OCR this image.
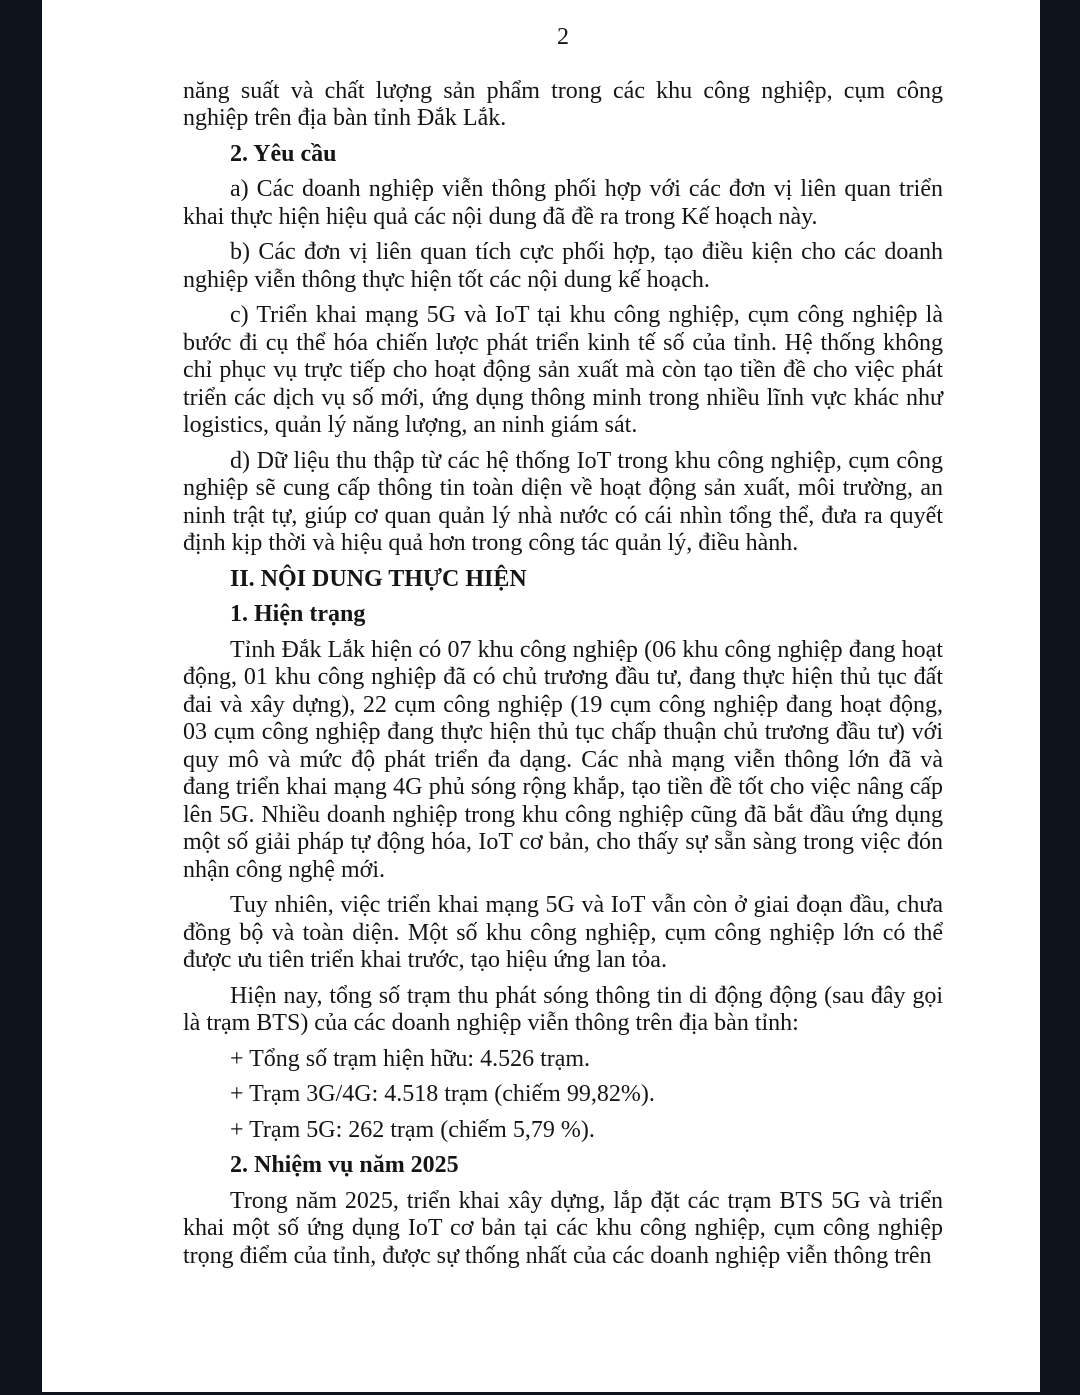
2

năng suất và chất lượng sản phẩm trong các khu công nghiệp, cụm công nghiệp trên địa bàn tỉnh Đắk Lắk.

2. Yêu cầu

a) Các doanh nghiệp viễn thông phối hợp với các đơn vị liên quan triển khai thực hiện hiệu quả các nội dung đã đề ra trong Kế hoạch này.

b) Các đơn vị liên quan tích cực phối hợp, tạo điều kiện cho các doanh nghiệp viễn thông thực hiện tốt các nội dung kế hoạch.

c) Triển khai mạng 5G và IoT tại khu công nghiệp, cụm công nghiệp là bước đi cụ thể hóa chiến lược phát triển kinh tế số của tỉnh. Hệ thống không chỉ phục vụ trực tiếp cho hoạt động sản xuất mà còn tạo tiền đề cho việc phát triển các dịch vụ số mới, ứng dụng thông minh trong nhiều lĩnh vực khác như logistics, quản lý năng lượng, an ninh giám sát.

d) Dữ liệu thu thập từ các hệ thống IoT trong khu công nghiệp, cụm công nghiệp sẽ cung cấp thông tin toàn diện về hoạt động sản xuất, môi trường, an ninh trật tự, giúp cơ quan quản lý nhà nước có cái nhìn tổng thể, đưa ra quyết định kịp thời và hiệu quả hơn trong công tác quản lý, điều hành.

II. NỘI DUNG THỰC HIỆN

1. Hiện trạng

Tỉnh Đắk Lắk hiện có 07 khu công nghiệp (06 khu công nghiệp đang hoạt động, 01 khu công nghiệp đã có chủ trương đầu tư, đang thực hiện thủ tục đất đai và xây dựng), 22 cụm công nghiệp (19 cụm công nghiệp đang hoạt động, 03 cụm công nghiệp đang thực hiện thủ tục chấp thuận chủ trương đầu tư) với quy mô và mức độ phát triển đa dạng. Các nhà mạng viễn thông lớn đã và đang triển khai mạng 4G phủ sóng rộng khắp, tạo tiền đề tốt cho việc nâng cấp lên 5G. Nhiều doanh nghiệp trong khu công nghiệp cũng đã bắt đầu ứng dụng một số giải pháp tự động hóa, IoT cơ bản, cho thấy sự sẵn sàng trong việc đón nhận công nghệ mới.

Tuy nhiên, việc triển khai mạng 5G và IoT vẫn còn ở giai đoạn đầu, chưa đồng bộ và toàn diện. Một số khu công nghiệp, cụm công nghiệp lớn có thể được ưu tiên triển khai trước, tạo hiệu ứng lan tỏa.

Hiện nay, tổng số trạm thu phát sóng thông tin di động động (sau đây gọi là trạm BTS) của các doanh nghiệp viễn thông trên địa bàn tỉnh:

+ Tổng số trạm hiện hữu: 4.526 trạm.

+ Trạm 3G/4G: 4.518 trạm (chiếm 99,82%).

+ Trạm 5G: 262 trạm (chiếm 5,79 %).

2. Nhiệm vụ năm 2025

Trong năm 2025, triển khai xây dựng, lắp đặt các trạm BTS 5G và triển khai một số ứng dụng IoT cơ bản tại các khu công nghiệp, cụm công nghiệp trọng điểm của tỉnh, được sự thống nhất của các doanh nghiệp viễn thông trên
